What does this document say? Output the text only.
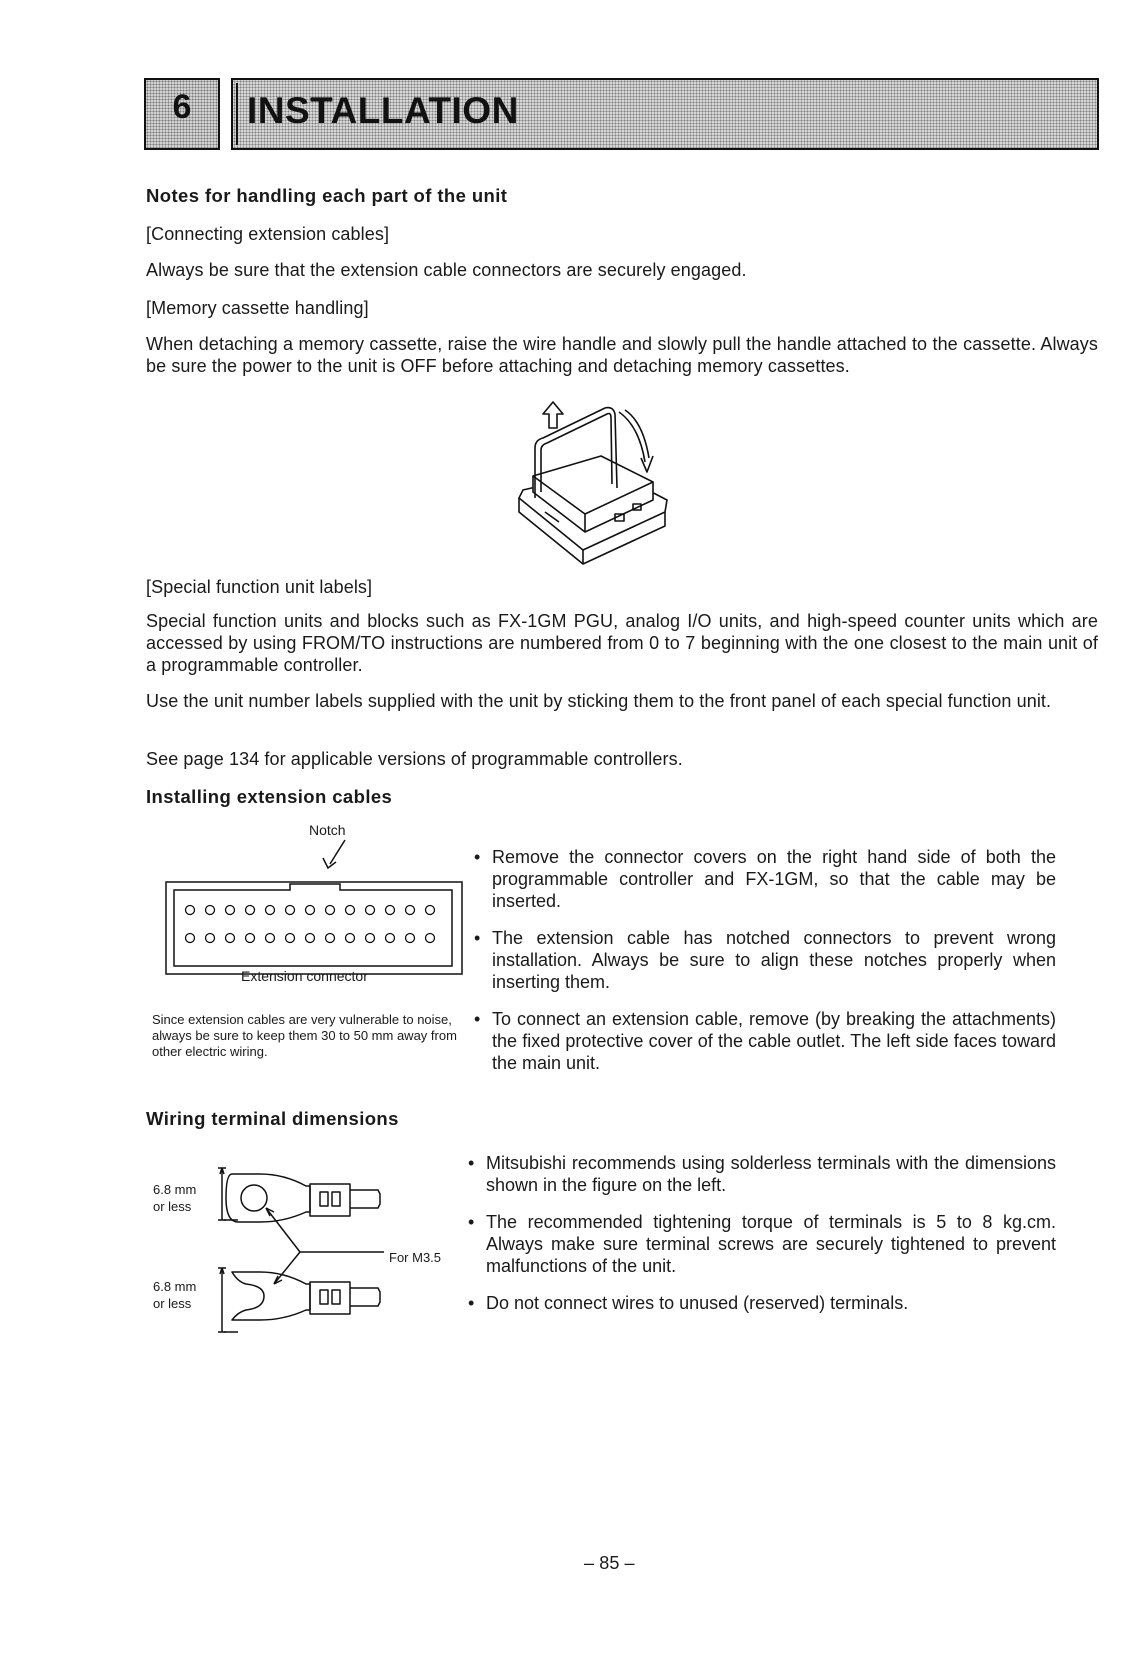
6	INSTALLATION
Notes for handling each part of the unit
[Connecting extension cables]
Always be sure that the extension cable connectors are securely engaged.
[Memory cassette handling]
When detaching a memory cassette, raise the wire handle and slowly pull the handle attached to the cassette. Always be sure the power to the unit is OFF before attaching and detaching memory cassettes.
[Special function unit labels]
Special function units and blocks such as FX-1GM PGU, analog I/O units, and high-speed counter units which are accessed by using FROM/TO instructions are numbered from 0 to 7 beginning with the one closest to the main unit of a programmable controller.
Use the unit number labels supplied with the unit by sticking them to the front panel of each special function unit.
See page 134 for applicable versions of programmable controllers.
Installing extension cables
Notch
Extension connector
Since extension cables are very vulnerable to noise, always be sure to keep them 30 to 50 mm away from other electric wiring.
• Remove the connector covers on the right hand side of both the programmable controller and FX-1GM, so that the cable may be inserted.
• The extension cable has notched connectors to prevent wrong installation. Always be sure to align these notches properly when inserting them.
• To connect an extension cable, remove (by breaking the attachments) the fixed protective cover of the cable outlet. The left side faces toward the main unit.
Wiring terminal dimensions
6.8 mm
or less
6.8 mm
or less
For M3.5
• Mitsubishi recommends using solderless terminals with the dimensions shown in the figure on the left.
• The recommended tightening torque of terminals is 5 to 8 kg.cm. Always make sure terminal screws are securely tightened to prevent malfunctions of the unit.
• Do not connect wires to unused (reserved) terminals.
– 85 –
